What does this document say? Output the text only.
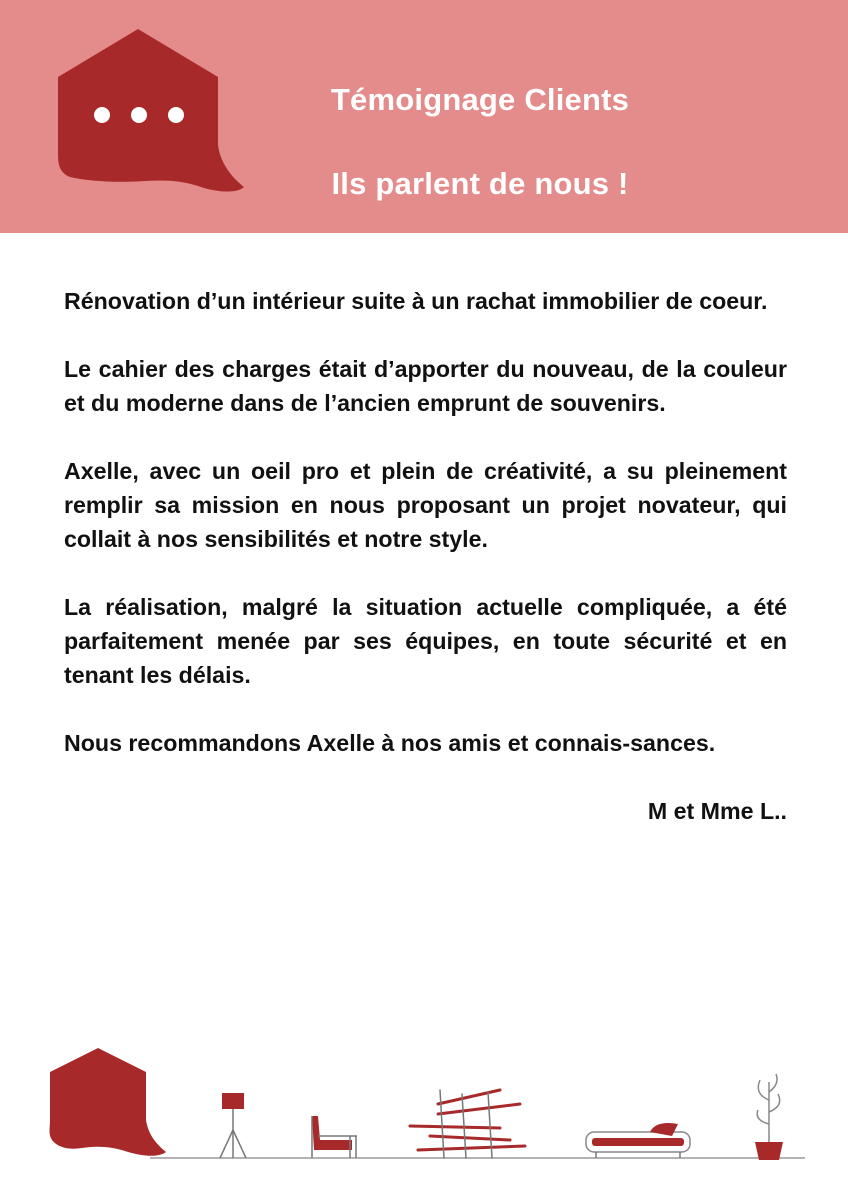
Témoignage Clients
Ils parlent de nous !

Rénovation d’un intérieur suite à un rachat immobilier de coeur.

Le cahier des charges était d’apporter du nouveau, de la couleur et du moderne dans de l’ancien emprunt de souvenirs.

Axelle, avec un oeil pro et plein de créativité, a su pleinement remplir sa mission en nous proposant un projet novateur, qui collait à nos sensibilités et notre style.

La réalisation, malgré la situation actuelle compliquée, a été parfaitement menée par ses équipes, en toute sécurité et en tenant les délais.

Nous recommandons Axelle à nos amis et connais-sances.

M et Mme L..
